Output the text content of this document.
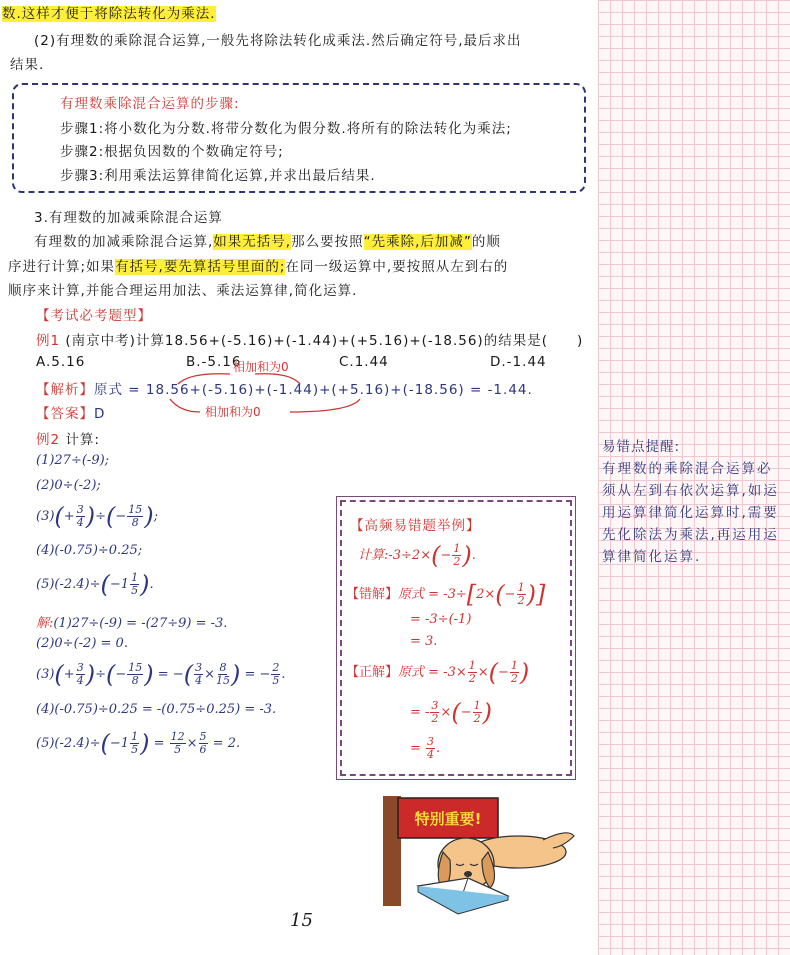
数.这样才便于将除法转化为乘法.
(2)有理数的乘除混合运算,一般先将除法转化成乘法.然后确定符号,最后求出
结果.
有理数乘除混合运算的步骤:
步骤1:将小数化为分数.将带分数化为假分数.将所有的除法转化为乘法;
步骤2:根据负因数的个数确定符号;
步骤3:利用乘法运算律简化运算,并求出最后结果.
3.有理数的加减乘除混合运算
有理数的加减乘除混合运算,如果无括号,那么要按照“先乘除,后加减”的顺
序进行计算;如果有括号,要先算括号里面的;在同一级运算中,要按照从左到右的
顺序来计算,并能合理运用加法、乘法运算律,简化运算.
【考试必考题型】
例1 (南京中考)计算18.56+(-5.16)+(-1.44)+(+5.16)+(-18.56)的结果是(　　)
A.5.16	B.-5.16	C.1.44	D.-1.44
相加和为0
【解析】原式 = 18.56+(-5.16)+(-1.44)+(+5.16)+(-18.56) = -1.44.
相加和为0
【答案】D
例2 计算:
(1)27÷(-9);
(2)0÷(-2);
$(3)(+ \frac{3}{4}$ )÷(− $\frac{15}{8}$ );
(4)(-0.75)÷0.25;
$(5)(-2.4)\div(-1 \frac{1}{5}$ ).
解:(1)27÷(-9) = -(27÷9) = -3.
(2)0÷(-2) = 0.
$(3)(+ \frac{3}{4}$ )÷(− $\frac{15}{8}$ ) = −( $\frac{3}{4} \times \frac{8}{15}$ ) = − $\frac{2}{5}$ .
(4)(-0.75)÷0.25 = -(0.75÷0.25) = -3.
$(5)(-2.4)\div(-1 \frac{1}{5}$ ) = $\frac{12}{5} \times \frac{5}{6} = 2$.
【高频易错题举例】
计算:-3÷2×(− $\frac{1}{2}$ ).
【错解】原式 = $-3\div[2\times(- \frac{1}{2}$ )]
= -3÷(-1)
= 3.
【正解】原式 = $-3\times \frac{1}{2}$ ×(− $\frac{1}{2}$ )
= - $\frac{3}{2}$ ×(− $\frac{1}{2}$ )
= $\frac{3}{4}$ .
易错点提醒:
有理数的乘除混合运算必须从左到右依次运算,如运用运算律简化运算时,需要先化除法为乘法,再运用运算律简化运算.
特别重要!
15
